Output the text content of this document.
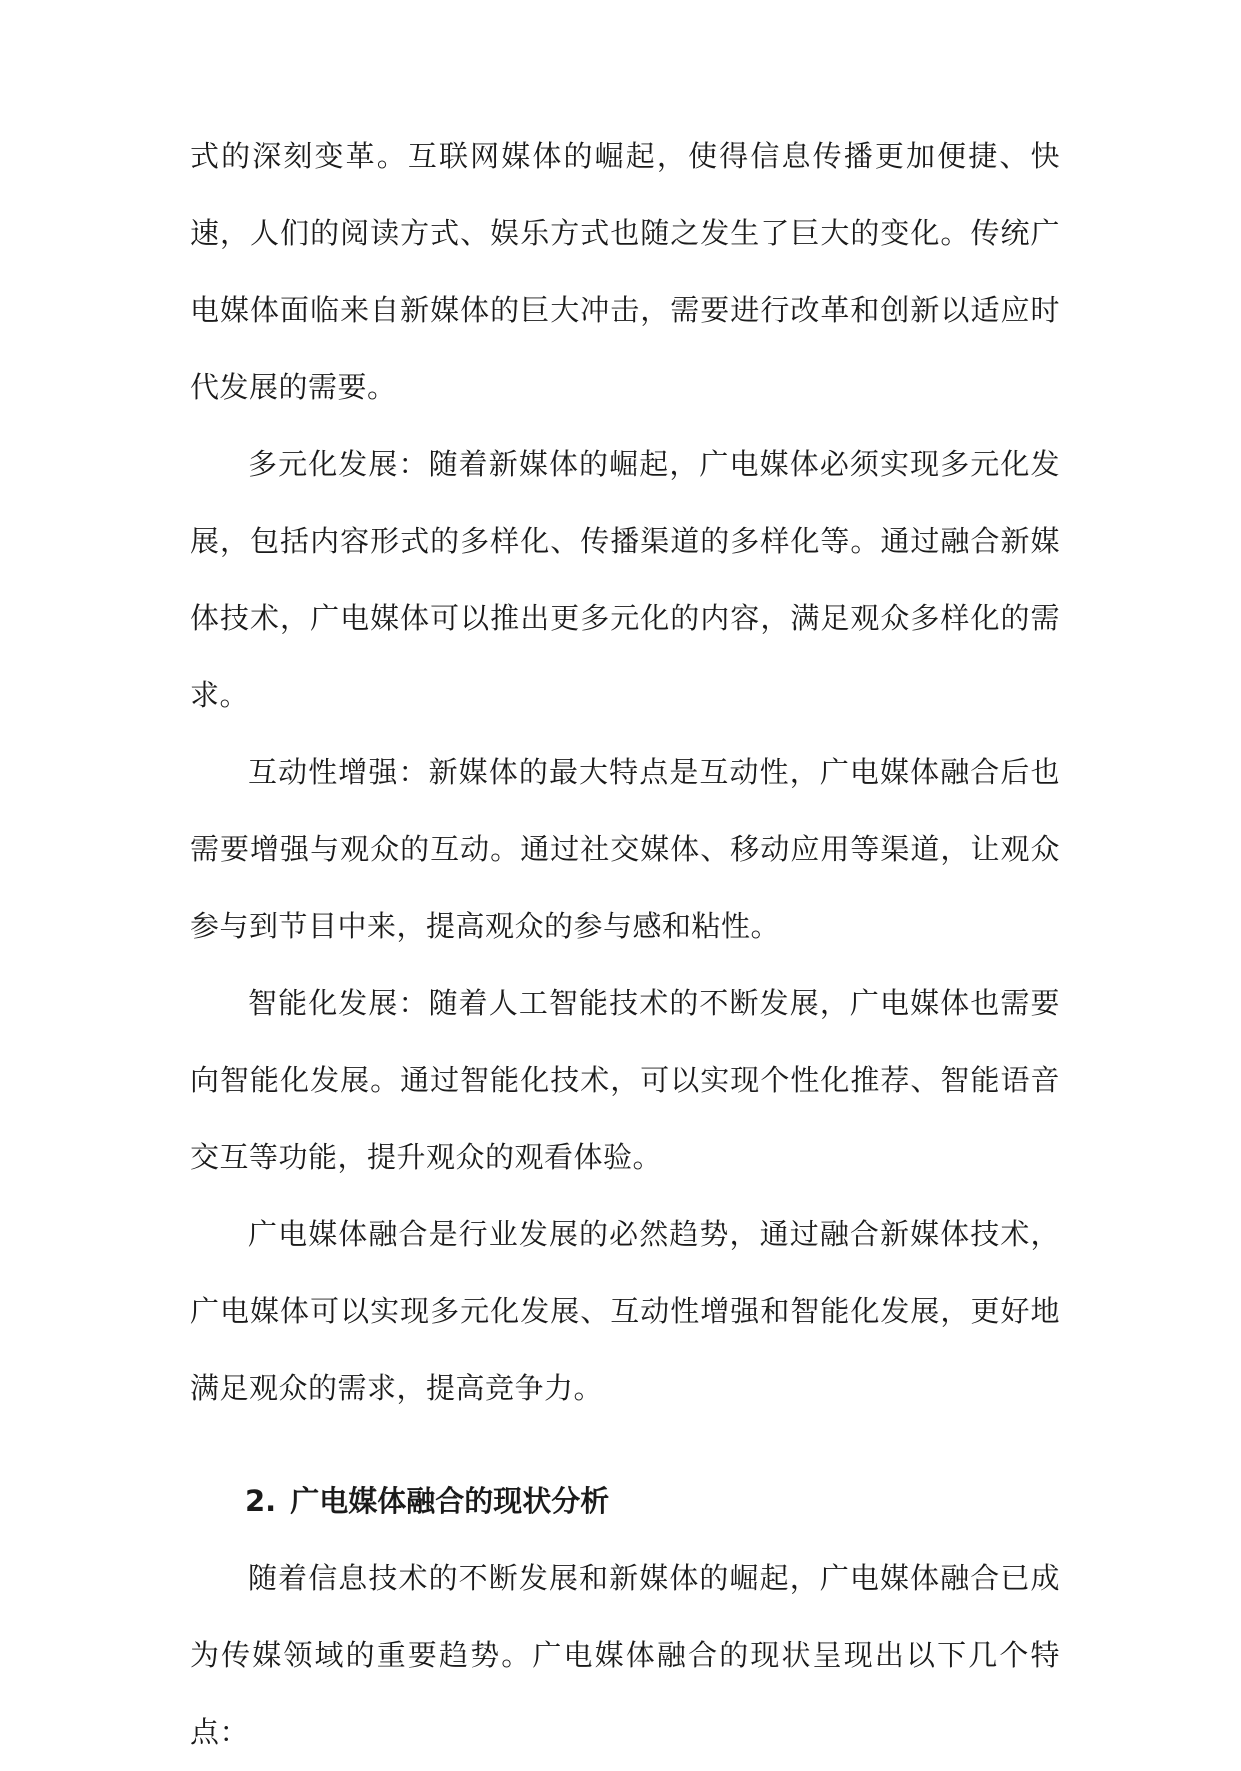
式的深刻变革。互联网媒体的崛起，使得信息传播更加便捷、快速，人们的阅读方式、娱乐方式也随之发生了巨大的变化。传统广电媒体面临来自新媒体的巨大冲击，需要进行改革和创新以适应时代发展的需要。

多元化发展：随着新媒体的崛起，广电媒体必须实现多元化发展，包括内容形式的多样化、传播渠道的多样化等。通过融合新媒体技术，广电媒体可以推出更多元化的内容，满足观众多样化的需求。

互动性增强：新媒体的最大特点是互动性，广电媒体融合后也需要增强与观众的互动。通过社交媒体、移动应用等渠道，让观众参与到节目中来，提高观众的参与感和粘性。

智能化发展：随着人工智能技术的不断发展，广电媒体也需要向智能化发展。通过智能化技术，可以实现个性化推荐、智能语音交互等功能，提升观众的观看体验。

广电媒体融合是行业发展的必然趋势，通过融合新媒体技术，广电媒体可以实现多元化发展、互动性增强和智能化发展，更好地满足观众的需求，提高竞争力。

2. 广电媒体融合的现状分析

随着信息技术的不断发展和新媒体的崛起，广电媒体融合已成为传媒领域的重要趋势。广电媒体融合的现状呈现出以下几个特点：
